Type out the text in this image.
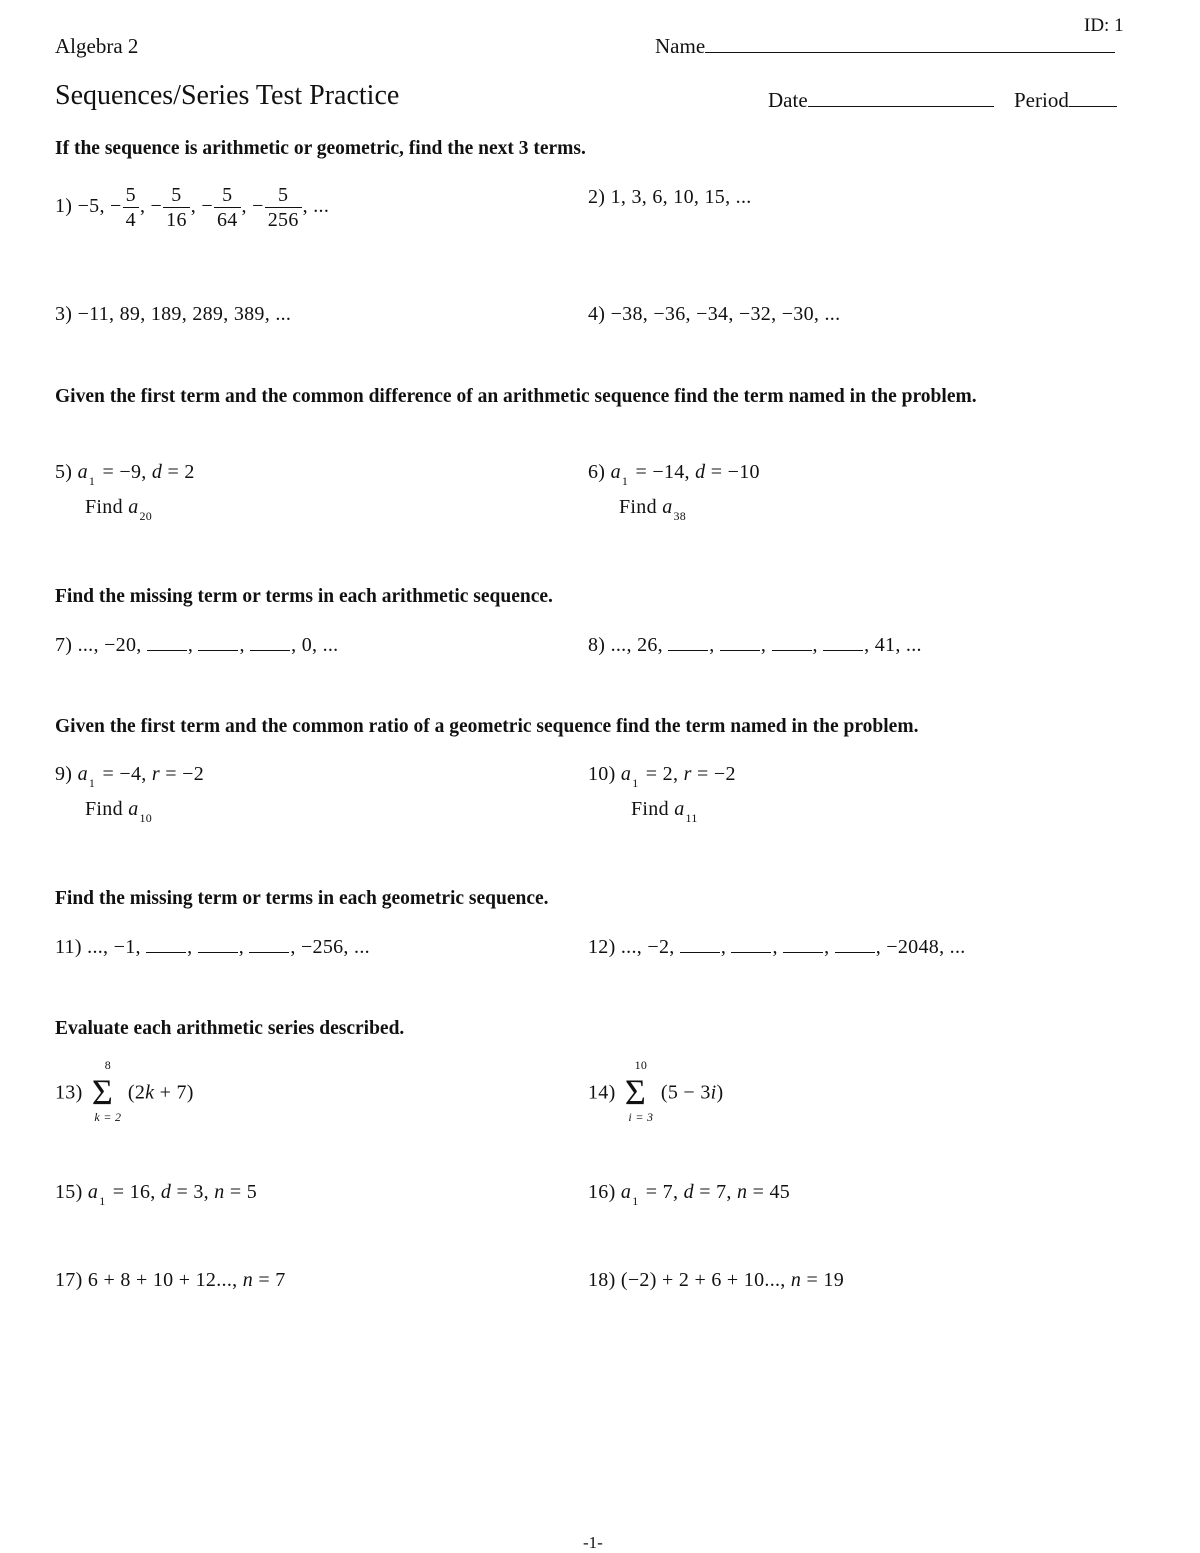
ID: 1
Algebra 2	Name
Sequences/Series Test Practice	Date	Period
If the sequence is arithmetic or geometric, find the next 3 terms.
1) −5, − $\frac{5}{4}$ , − $\frac{5}{16}$ , − $\frac{5}{64}$ , − $\frac{5}{256}$ , ...	2) 1, 3, 6, 10, 15, ...
3) −11, 89, 189, 289, 389, ...	4) −38, −36, −34, −32, −30, ...
Given the first term and the common difference of an arithmetic sequence find the term named in the problem.
5) $a_1 = -9$, d = 2
Find $a_{20}$
6) $a_1 = -14$, d = −10
Find $a_{38}$
Find the missing term or terms in each arithmetic sequence.
7) ..., −20, , , , 0, ...	8) ..., 26, , , , , 41, ...
Given the first term and the common ratio of a geometric sequence find the term named in the problem.
9) $a_1 = -4$, r = −2
Find $a_{10}$
10) $a_1 = 2$, r = −2
Find $a_{11}$
Find the missing term or terms in each geometric sequence.
11) ..., −1, , , , −256, ...	12) ..., −2, , , , , −2048, ...
Evaluate each arithmetic series described.
13)
8
Σ
k = 2
(2k + 7)	14)
10
Σ
i = 3
(5 − 3i)
15) $a_1 = 16$, d = 3, n = 5	16) $a_1 = 7$, d = 7, n = 45
17) 6 + 8 + 10 + 12..., n = 7	18) (−2) + 2 + 6 + 10..., n = 19
-1-
